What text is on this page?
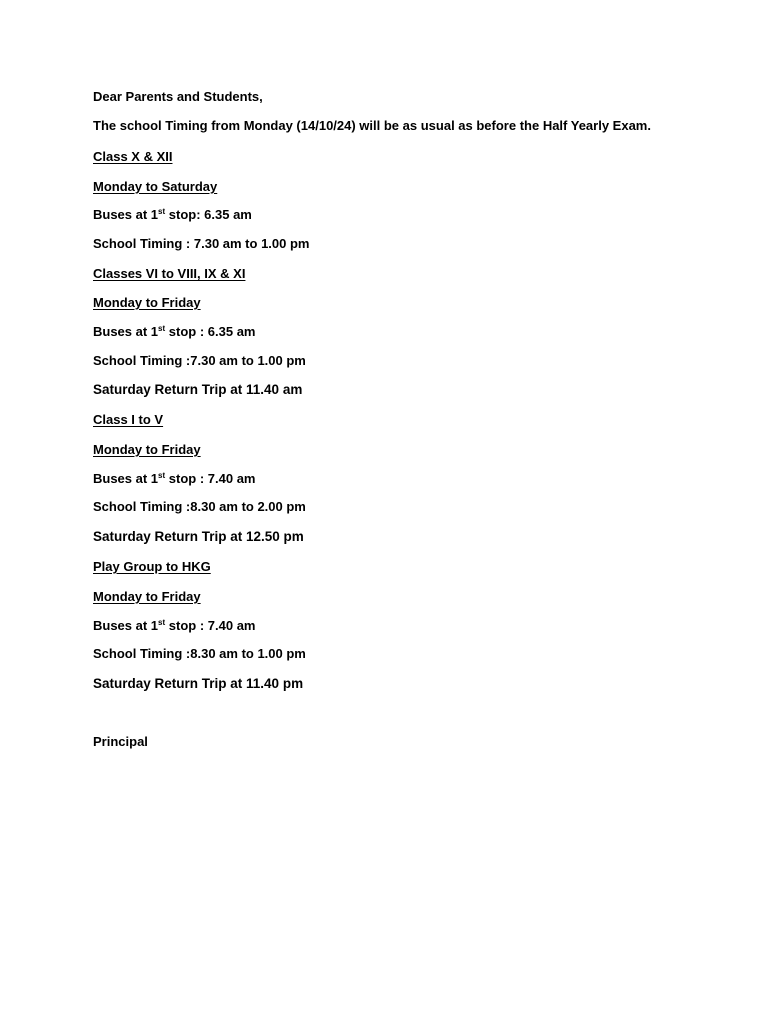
Dear Parents and Students,

The school Timing from Monday (14/10/24) will be as usual as before the Half Yearly Exam.

Class X & XII

Monday to Saturday

Buses at 1st stop: 6.35 am

School Timing : 7.30 am to 1.00 pm

Classes VI to VIII, IX & XI

Monday to Friday

Buses at 1st stop : 6.35 am

School Timing :7.30 am to 1.00 pm

Saturday Return Trip at 11.40 am

Class I to V

Monday to Friday

Buses at 1st stop : 7.40 am

School Timing :8.30 am to 2.00 pm

Saturday Return Trip at 12.50 pm

Play Group to HKG

Monday to Friday

Buses at 1st stop : 7.40 am

School Timing :8.30 am to 1.00 pm

Saturday Return Trip at 11.40 pm

Principal
